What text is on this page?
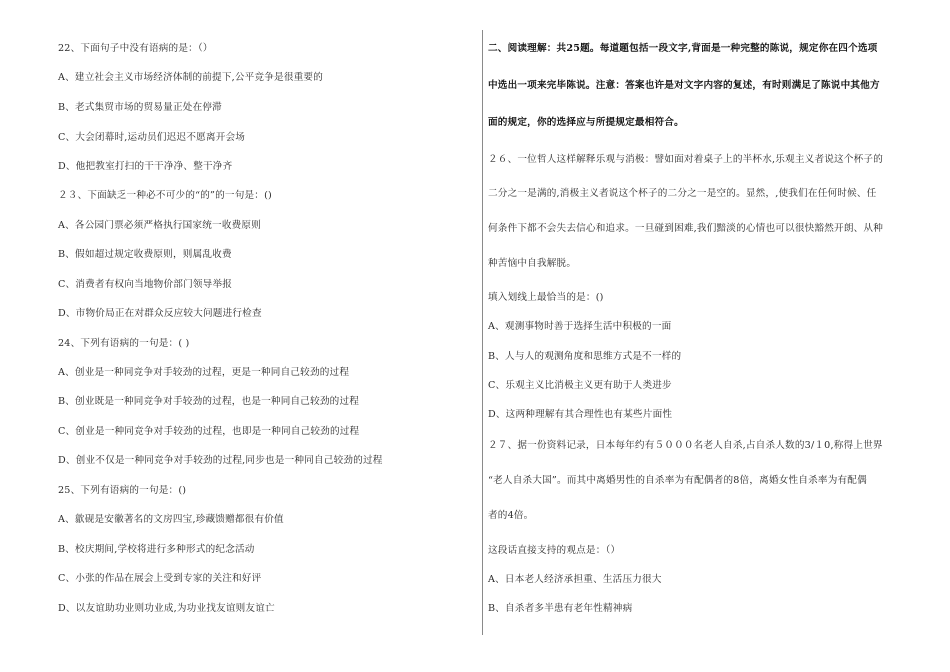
22、下面句子中没有语病的是：（）
A、建立社会主义市场经济体制的前提下,公平竞争是很重要的
B、老式集贸市场的贸易量正处在停滞
C、大会闭幕时,运动员们迟迟不愿离开会场
D、他把教室打扫的干干净净、整干净齐
２３、下面缺乏一种必不可少的“的”的一句是：()
A、各公园门票必须严格执行国家统一收费原则
B、假如超过规定收费原则，则属乱收费
C、消费者有权向当地物价部门领导举报
D、市物价局正在对群众反应较大问题进行检查
24、下列有语病的一句是：( )
A、创业是一种同竞争对手较劲的过程，更是一种同自己较劲的过程
B、创业既是一种同竞争对手较劲的过程，也是一种同自己较劲的过程
C、创业是一种同竞争对手较劲的过程，也即是一种同自己较劲的过程
D、创业不仅是一种同竞争对手较劲的过程,同步也是一种同自己较劲的过程
25、下列有语病的一句是：()
A、歙砚是安徽著名的文房四宝,珍藏馈赠都很有价值
B、校庆期间,学校将进行多种形式的纪念活动
C、小张的作品在展会上受到专家的关注和好评
D、以友谊助功业则功业成,为功业找友谊则友谊亡
二、阅读理解：共25题。每道题包括一段文字,背面是一种完整的陈说，规定你在四个选项
中选出一项来完毕陈说。注意：答案也许是对文字内容的复述，有时则满足了陈说中其他方
面的规定，你的选择应与所提规定最相符合。
２６、一位哲人这样解释乐观与消极：譬如面对着桌子上的半杯水,乐观主义者说这个杯子的
二分之一是满的,消极主义者说这个杯子的二分之一是空的。显然，,使我们在任何时候、任
何条件下都不会失去信心和追求。一旦碰到困难,我们黯淡的心情也可以很快豁然开朗、从种
种苦恼中自我解脱。
填入划线上最恰当的是：()
A、观测事物时善于选择生活中积极的一面
B、人与人的观测角度和思维方式是不一样的
C、乐观主义比消极主义更有助于人类进步
D、这两种理解有其合理性也有某些片面性
２７、据一份资料记录，日本每年约有５０００名老人自杀,占自杀人数的3/１0,称得上世界
“老人自杀大国”。而其中离婚男性的自杀率为有配偶者的8倍，离婚女性自杀率为有配偶
者的4倍。
这段话直接支持的观点是：（）
A、日本老人经济承担重、生活压力很大
B、自杀者多半患有老年性精神病
